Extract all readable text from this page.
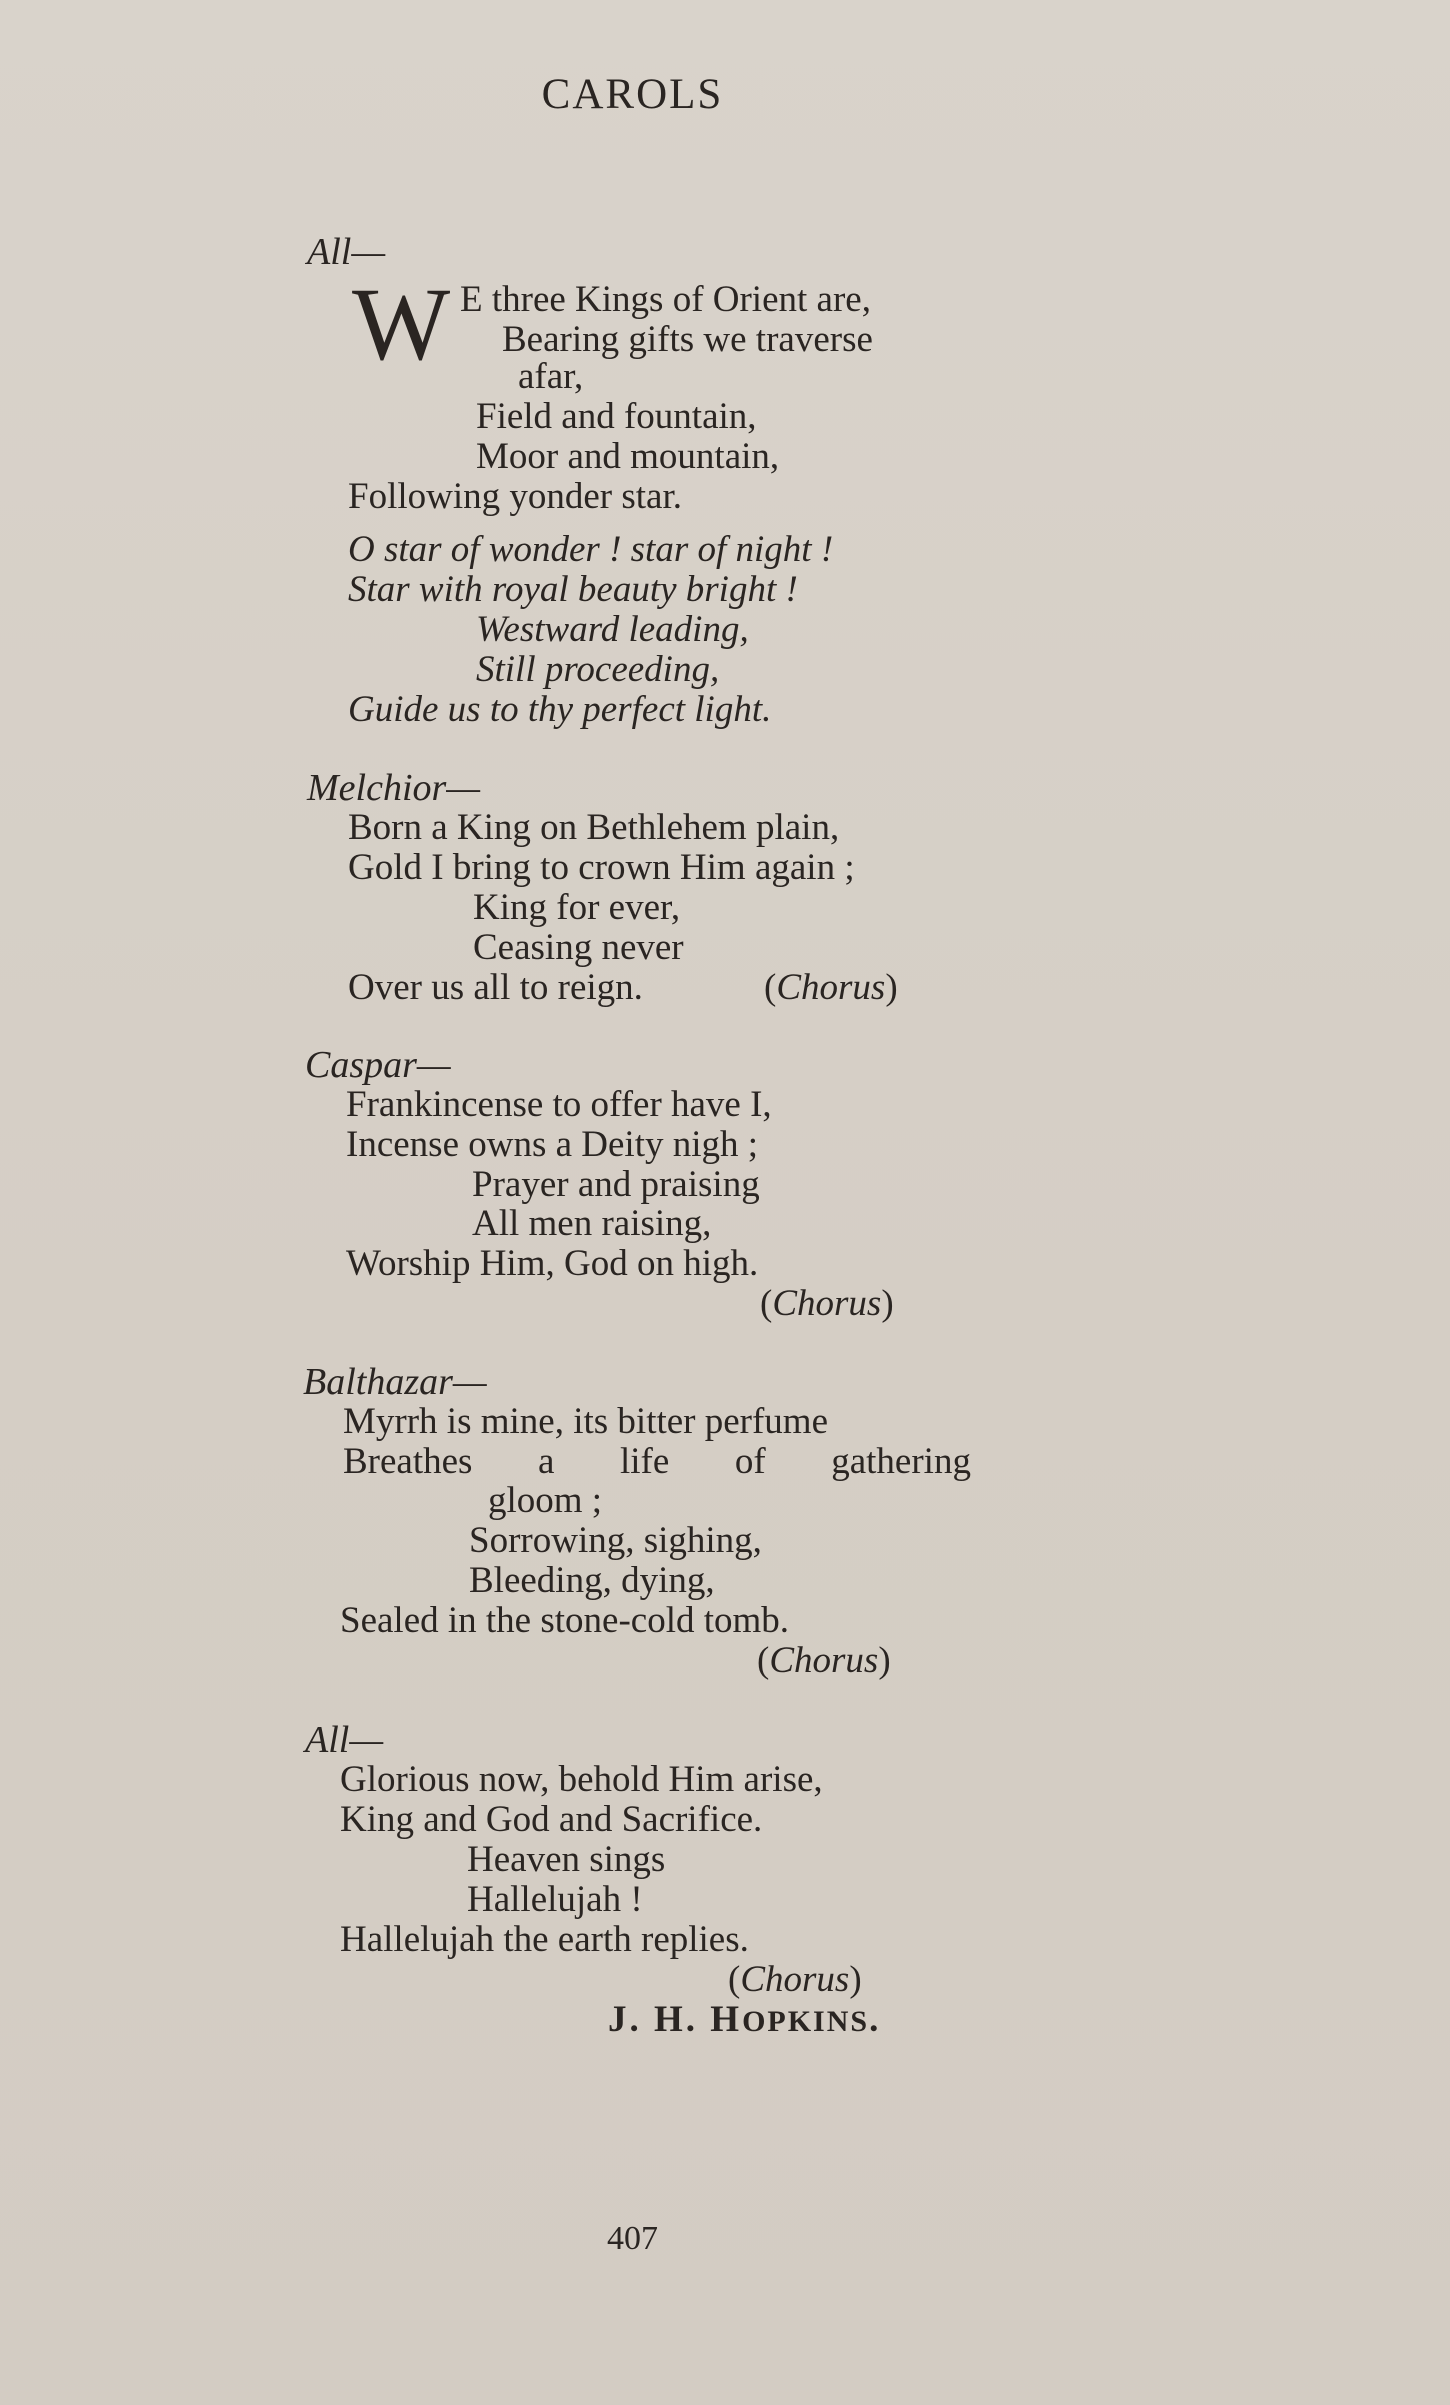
CAROLS
All—
W E three Kings of Orient are,
Bearing gifts we traverse
afar,
Field and fountain,
Moor and mountain,
Following yonder star.
O star of wonder ! star of night !
Star with royal beauty bright !
Westward leading,
Still proceeding,
Guide us to thy perfect light.
Melchior—
Born a King on Bethlehem plain,
Gold I bring to crown Him again ;
King for ever,
Ceasing never
Over us all to reign.	(Chorus)
Caspar—
Frankincense to offer have I,
Incense owns a Deity nigh ;
Prayer and praising
All men raising,
Worship Him, God on high.
(Chorus)
Balthazar—
Myrrh is mine, its bitter perfume
Breathes a life of gathering
gloom ;
Sorrowing, sighing,
Bleeding, dying,
Sealed in the stone-cold tomb.
(Chorus)
All—
Glorious now, behold Him arise,
King and God and Sacrifice.
Heaven sings
Hallelujah !
Hallelujah the earth replies.
(Chorus)
J. H. HOPKINS.
407
